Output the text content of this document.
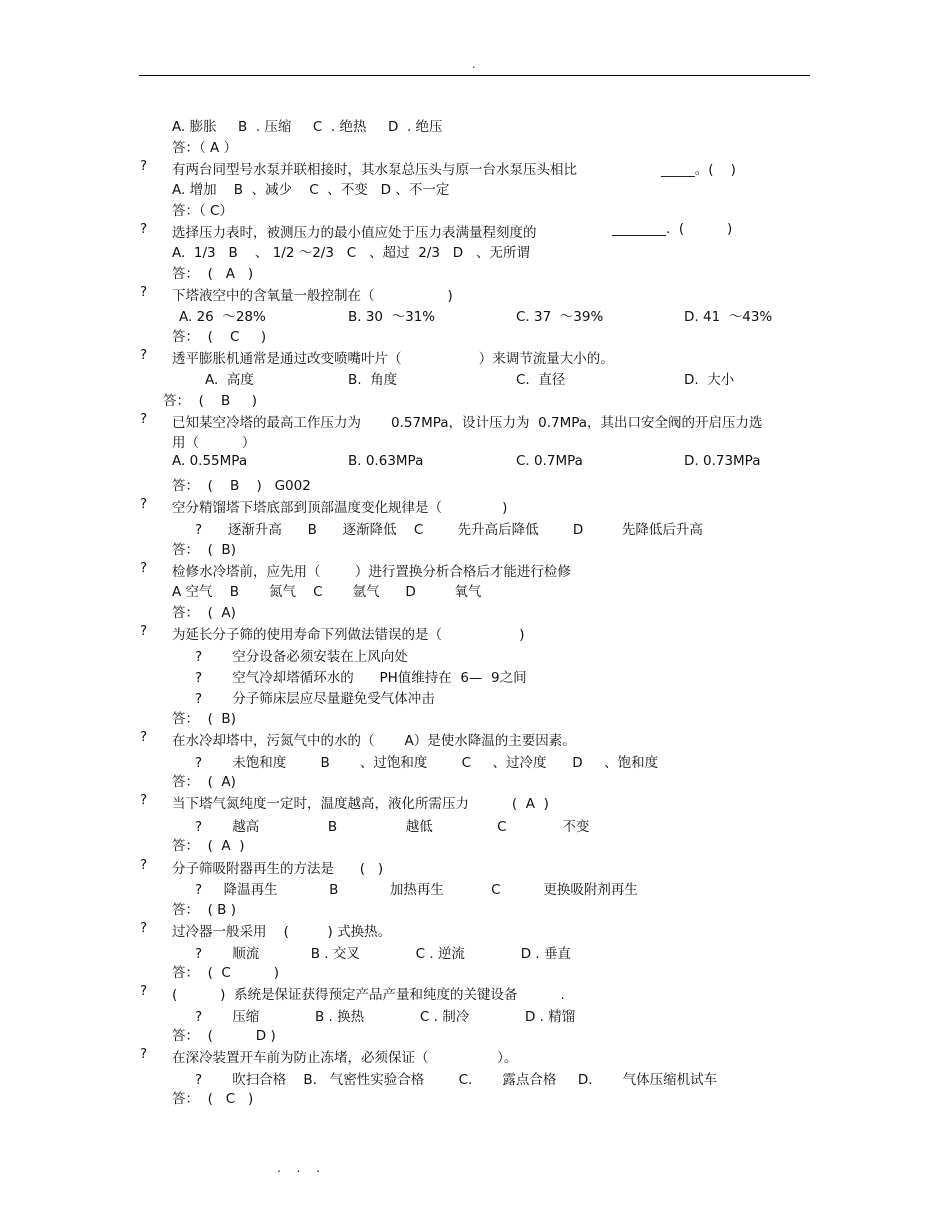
.
A. 膨胀     B  . 压缩     C  . 绝热     D  . 绝压
答：（ A ）
? 有两台同型号水泵并联相接时，其水泵总压头与原一台水泵压头相比	_____。(    )
A. 增加    B  、减少    C  、不变   D 、不一定
答：（ C）
? 选择压力表时，被测压力的最小值应处于压力表满量程刻度的	________.  (          )
A.  1/3   B    、 1/2 ～2/3   C   、超过  2/3   D   、无所谓
答：  (   A   )
? 下塔液空中的含氧量一般控制在（                 )
A. 26  ～28%	B. 30  ～31%	C. 37  ～39%	D. 41  ～43%
答：  (    C     )
? 透平膨胀机通常是通过改变喷嘴叶片（                  ）来调节流量大小的。
A.  高度	B.  角度	C.  直径	D.  大小
答：  (    B     )
? 已知某空冷塔的最高工作压力为       0.57MPa，设计压力为  0.7MPa，其出口安全阀的开启压力选
用（          ）
A. 0.55MPa	B. 0.63MPa	C. 0.7MPa	D. 0.73MPa
答：  (    B    )   G002
? 空分精馏塔下塔底部到顶部温度变化规律是（              )
?      逐渐升高      B      逐渐降低    C        先升高后降低        D         先降低后升高
答：  (  B)
? 检修水冷塔前，应先用（        ）进行置换分析合格后才能进行检修
A 空气    B       氮气    C       氩气      D         氧气
答：  (  A)
? 为延长分子筛的使用寿命下列做法错误的是（                  )
?       空分设备必须安装在上风向处
?       空气冷却塔循环水的      PH值维持在  6—  9之间
?       分子筛床层应尽量避免受气体冲击
答：  (  B)
? 在水冷却塔中，污氮气中的水的（       A）是使水降温的主要因素。
?       未饱和度        B       、过饱和度        C     、过冷度      D     、饱和度
答：  (  A)
? 当下塔气氮纯度一定时，温度越高，液化所需压力          (  A  )
?       越高                B                越低               C             不变
答：  (  A  )
? 分子筛吸附器再生的方法是      (   )
?     降温再生            B            加热再生           C          更换吸附剂再生
答：  ( B )
? 过冷器一般采用    (         ) 式换热。
?       顺流            B . 交叉             C . 逆流             D . 垂直
答：  (  C          )
? (          )  系统是保证获得预定产品产量和纯度的关键设备          .
?       压缩             B . 换热             C . 制冷             D . 精馏
答：  (          D )
? 在深冷装置开车前为防止冻堵，必须保证（                ）。
?       吹扫合格    B.   气密性实验合格        C.       露点合格     D.       气体压缩机试车
答：  (   C   )
. . .
